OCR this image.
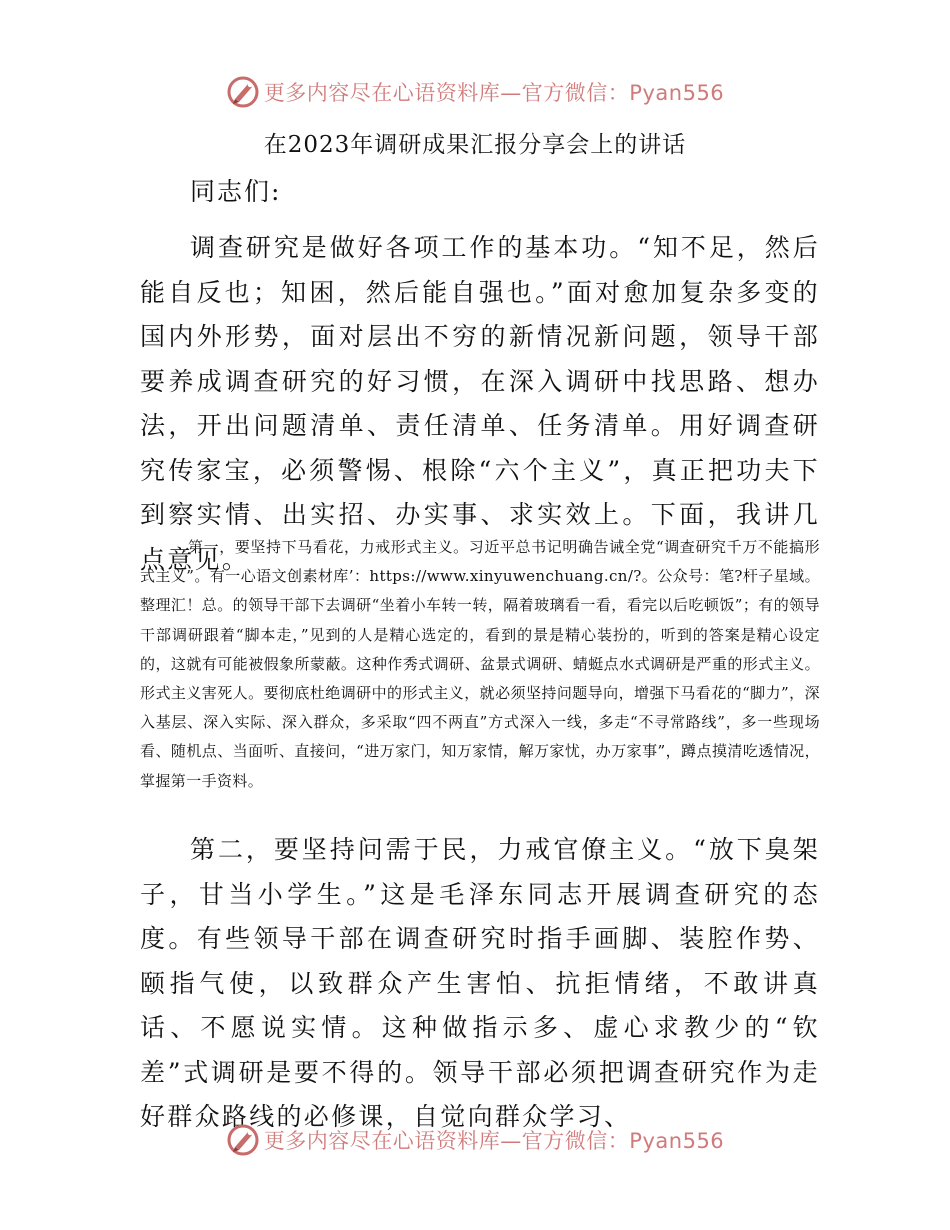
更多内容尽在心语资料库—官方微信：Pyan556
在2023年调研成果汇报分享会上的讲话
同志们:

调查研究是做好各项工作的基本功。“知不足，然后能自反也；知困，然后能自强也。”面对愈加复杂多变的国内外形势，面对层出不穷的新情况新问题，领导干部要养成调查研究的好习惯，在深入调研中找思路、想办法，开出问题清单、责任清单、任务清单。用好调查研究传家宝，必须警惕、根除“六个主义”，真正把功夫下到察实情、出实招、办实事、求实效上。下面，我讲几点意见。

第一，要坚持下马看花，力戒形式主义。习近平总书记明确告诫全党“调查研究千万不能搞形式主义”。有一心语文创素材库’：https://www.xinyuwenchuang.cn/?。公众号：笔?杆子星域。整理汇！总。的领导干部下去调研“坐着小车转一转，隔着玻璃看一看，看完以后吃顿饭”；有的领导干部调研跟着“脚本走，”见到的人是精心选定的，看到的景是精心装扮的，听到的答案是精心设定的，这就有可能被假象所蒙蔽。这种作秀式调研、盆景式调研、蜻蜓点水式调研是严重的形式主义。形式主义害死人。要彻底杜绝调研中的形式主义，就必须坚持问题导向，增强下马看花的“脚力”，深入基层、深入实际、深入群众，多采取“四不两直”方式深入一线，多走“不寻常路线”，多一些现场看、随机点、当面听、直接问，“进万家门，知万家情，解万家忧，办万家事”，蹲点摸清吃透情况，掌握第一手资料。

第二，要坚持问需于民，力戒官僚主义。“放下臭架子，甘当小学生。”这是毛泽东同志开展调查研究的态度。有些领导干部在调查研究时指手画脚、装腔作势、颐指气使，以致群众产生害怕、抗拒情绪，不敢讲真话、不愿说实情。这种做指示多、虚心求教少的“钦差”式调研是要不得的。领导干部必须把调查研究作为走好群众路线的必修课，自觉向群众学习、

更多内容尽在心语资料库—官方微信：Pyan556
